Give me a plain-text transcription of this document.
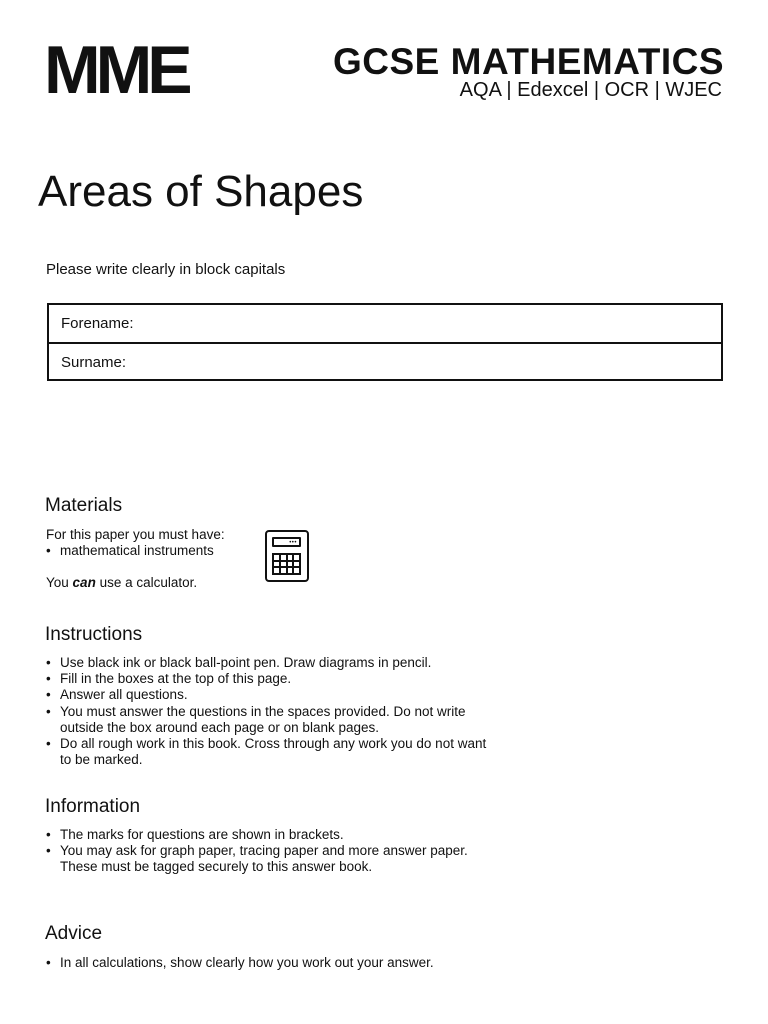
MME	GCSE MATHEMATICS
AQA | Edexcel | OCR | WJEC
Areas of Shapes
Please write clearly in block capitals
Forename:
Surname:
Materials
For this paper you must have:
• mathematical instruments
You can use a calculator.
•••
Instructions
• Use black ink or black ball-point pen. Draw diagrams in pencil.
• Fill in the boxes at the top of this page.
• Answer all questions.
• You must answer the questions in the spaces provided. Do not write
outside the box around each page or on blank pages.
• Do all rough work in this book. Cross through any work you do not want
to be marked.
Information
• The marks for questions are shown in brackets.
• You may ask for graph paper, tracing paper and more answer paper.
These must be tagged securely to this answer book.
Advice
• In all calculations, show clearly how you work out your answer.
